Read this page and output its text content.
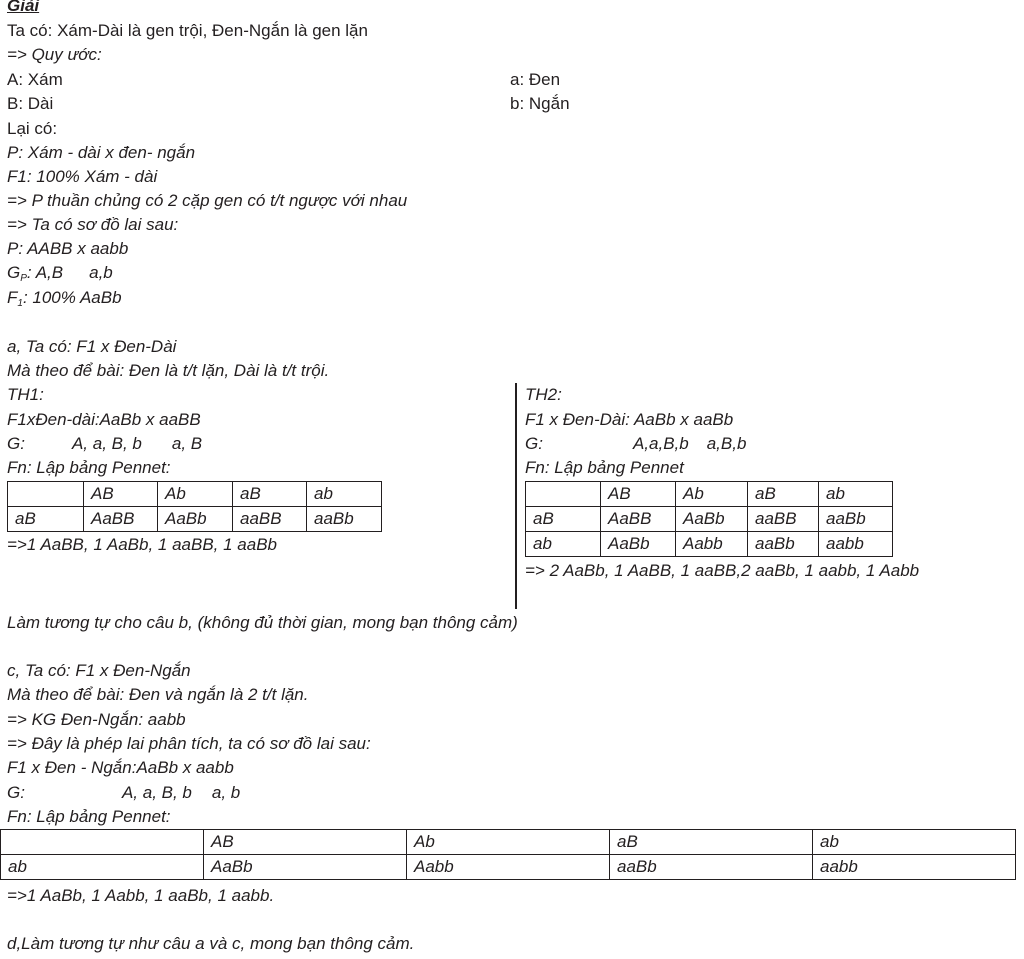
Giải
Ta có: Xám-Dài là gen trội, Đen-Ngắn là gen lặn
=> Quy ước:
A: Xám	a: Đen
B: Dài	b: Ngắn
Lại có:
P: Xám - dài x đen- ngắn
F1: 100% Xám - dài
=> P thuần chủng có 2 cặp gen có t/t ngược với nhau
=> Ta có sơ đồ lai sau:
P: AABB x aabb
$G_P$: A,B a,b
$F_1$: 100% AaBb
a, Ta có: F1 x Đen-Dài
Mà theo để bài: Đen là t/t lặn, Dài là t/t trội.
TH1:
F1xĐen-dài:AaBb x aaBB
G:	A, a, B, b a, B
Fn: Lập bảng Pennet:
	AB	Ab	aB	ab
aB	AaBB	AaBb	aaBB	aaBb
=>1 AaBB, 1 AaBb, 1 aaBB, 1 aaBb
TH2:
F1 x Đen-Dài: AaBb x aaBb
G:	A,a,B,b a,B,b
Fn: Lập bảng Pennet
	AB	Ab	aB	ab
aB	AaBB	AaBb	aaBB	aaBb
ab	AaBb	Aabb	aaBb	aabb
=> 2 AaBb, 1 AaBB, 1 aaBB,2 aaBb, 1 aabb, 1 Aabb
Làm tương tự cho câu b, (không đủ thời gian, mong bạn thông cảm)
c, Ta có: F1 x Đen-Ngắn
Mà theo để bài: Đen và ngắn là 2 t/t lặn.
=> KG Đen-Ngắn: aabb
=> Đây là phép lai phân tích, ta có sơ đồ lai sau:
F1 x Đen - Ngắn:AaBb x aabb
G:	A, a, B, b a, b
Fn: Lập bảng Pennet:
	AB	Ab	aB	ab
ab	AaBb	Aabb	aaBb	aabb
=>1 AaBb, 1 Aabb, 1 aaBb, 1 aabb.
d,Làm tương tự như câu a và c, mong bạn thông cảm.
